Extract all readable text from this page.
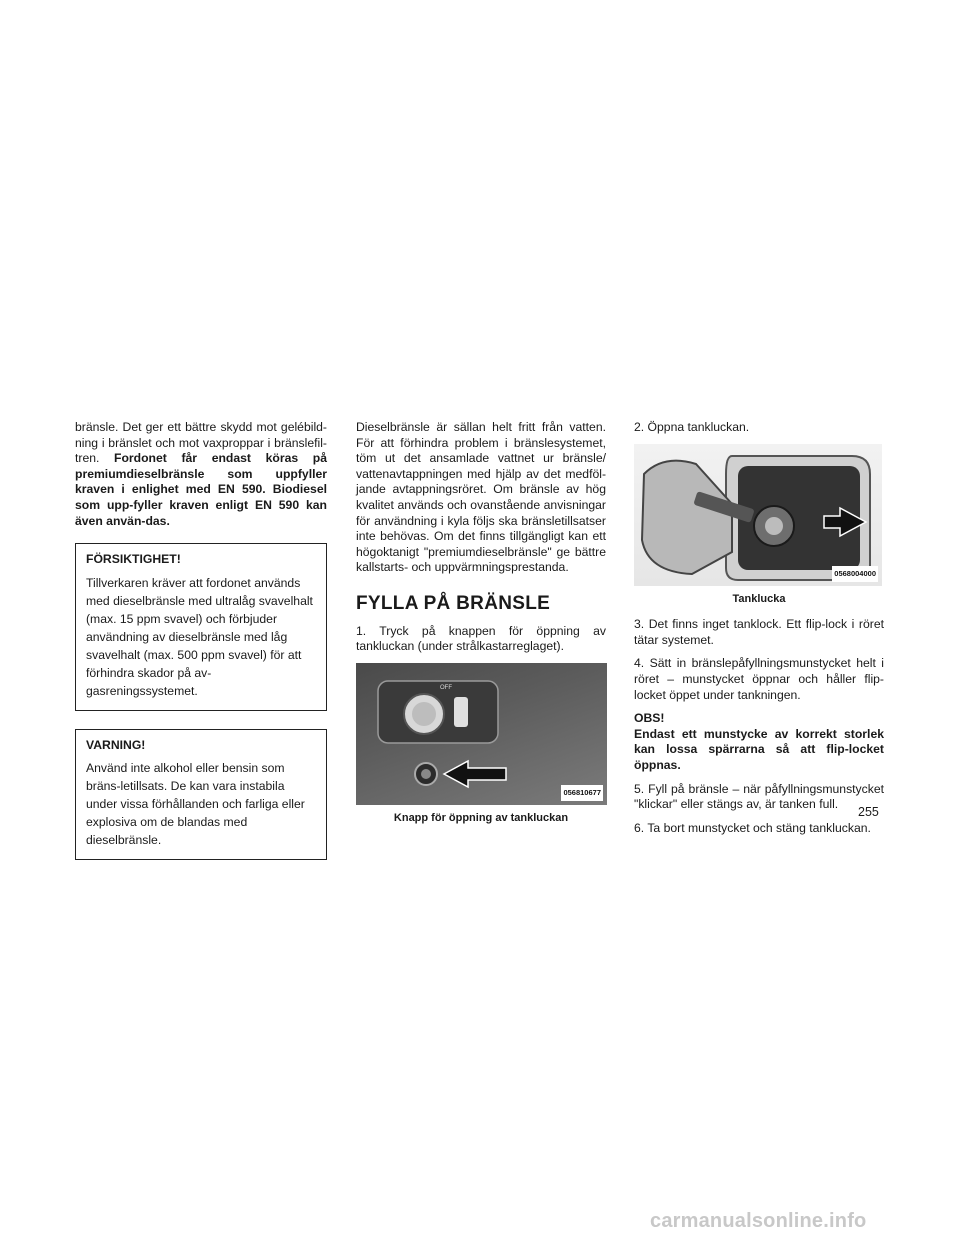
bränsle. Det ger ett bättre skydd mot gelébild-ning i bränslet och mot vaxproppar i bränslefil-tren. Fordonet får endast köras på premiumdieselbränsle som uppfyller kraven i enlighet med EN 590. Biodiesel som upp-fyller kraven enligt EN 590 kan även använ-das.

FÖRSIKTIGHET!

Tillverkaren kräver att fordonet används med dieselbränsle med ultralåg svavelhalt (max. 15 ppm svavel) och förbjuder användning av dieselbränsle med låg svavelhalt (max. 500 ppm svavel) för att förhindra skador på av-gasreningssystemet.

VARNING!

Använd inte alkohol eller bensin som bräns-letillsats. De kan vara instabila under vissa förhållanden och farliga eller explosiva om de blandas med dieselbränsle.

Dieselbränsle är sällan helt fritt från vatten. För att förhindra problem i bränslesystemet, töm ut det ansamlade vattnet ur bränsle/ vattenavtappningen med hjälp av det medföl-jande avtappningsröret. Om bränsle av hög kvalitet används och ovanstående anvisningar för användning i kyla följs ska bränsletillsatser inte behövas. Om det finns tillgängligt kan ett högoktanigt "premiumdieselbränsle" ge bättre kallstarts- och uppvärmningsprestanda.

FYLLA PÅ BRÄNSLE

1. Tryck på knappen för öppning av tankluckan (under strålkastarreglaget).

OFF
056810677
Knapp för öppning av tankluckan

2. Öppna tankluckan.

0568004000
Tanklucka

3. Det finns inget tanklock. Ett flip-lock i röret tätar systemet.

4. Sätt in bränslepåfyllningsmunstycket helt i röret – munstycket öppnar och håller flip-locket öppet under tankningen.

OBS!

Endast ett munstycke av korrekt storlek kan lossa spärrarna så att flip-locket öppnas.

5. Fyll på bränsle – när påfyllningsmunstycket "klickar" eller stängs av, är tanken full.

6. Ta bort munstycket och stäng tankluckan.

255
carmanualsonline.info
